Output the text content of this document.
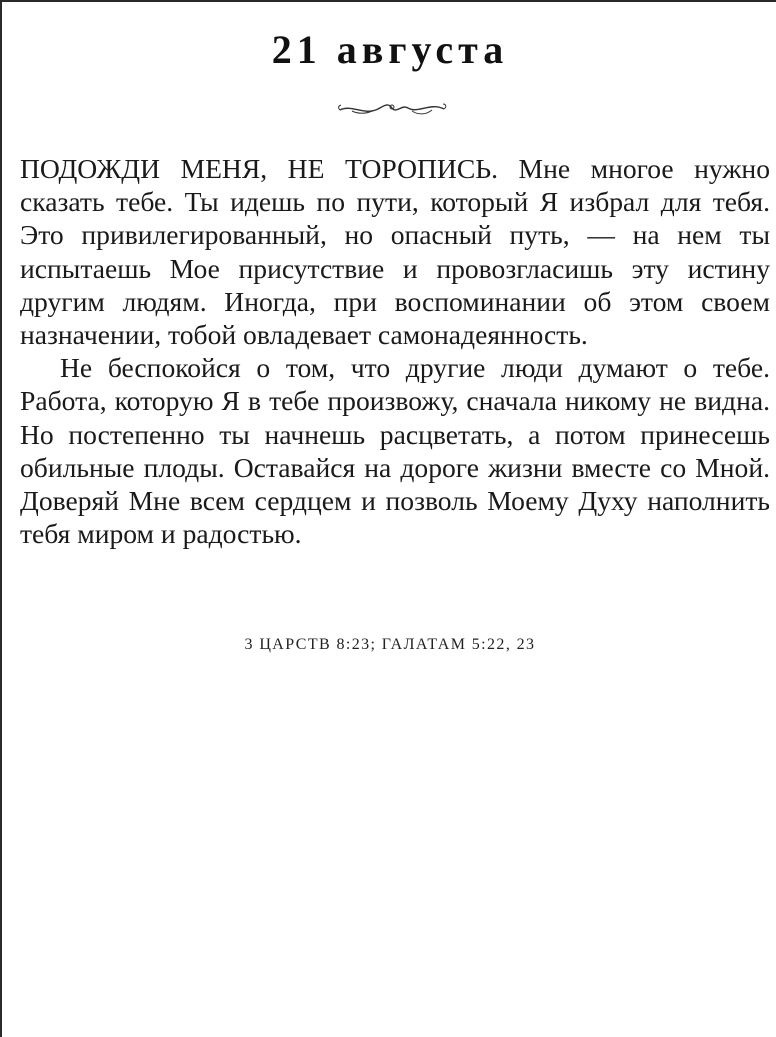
21 августа

ПОДОЖДИ МЕНЯ, НЕ ТОРОПИСЬ. Мне многое нужно сказать тебе. Ты идешь по пути, который Я избрал для тебя. Это привилегированный, но опасный путь, — на нем ты испытаешь Мое присутствие и провозгласишь эту истину другим людям. Иногда, при воспоминании об этом своем назначении, тобой овладевает самонадеянность.

Не беспокойся о том, что другие люди думают о тебе. Работа, которую Я в тебе произвожу, сначала никому не видна. Но постепенно ты начнешь расцветать, а потом принесешь обильные плоды. Оставайся на дороге жизни вместе со Мной. Доверяй Мне всем сердцем и позволь Моему Духу наполнить тебя миром и радостью.

3 ЦАРСТВ 8:23; ГАЛАТАМ 5:22, 23
